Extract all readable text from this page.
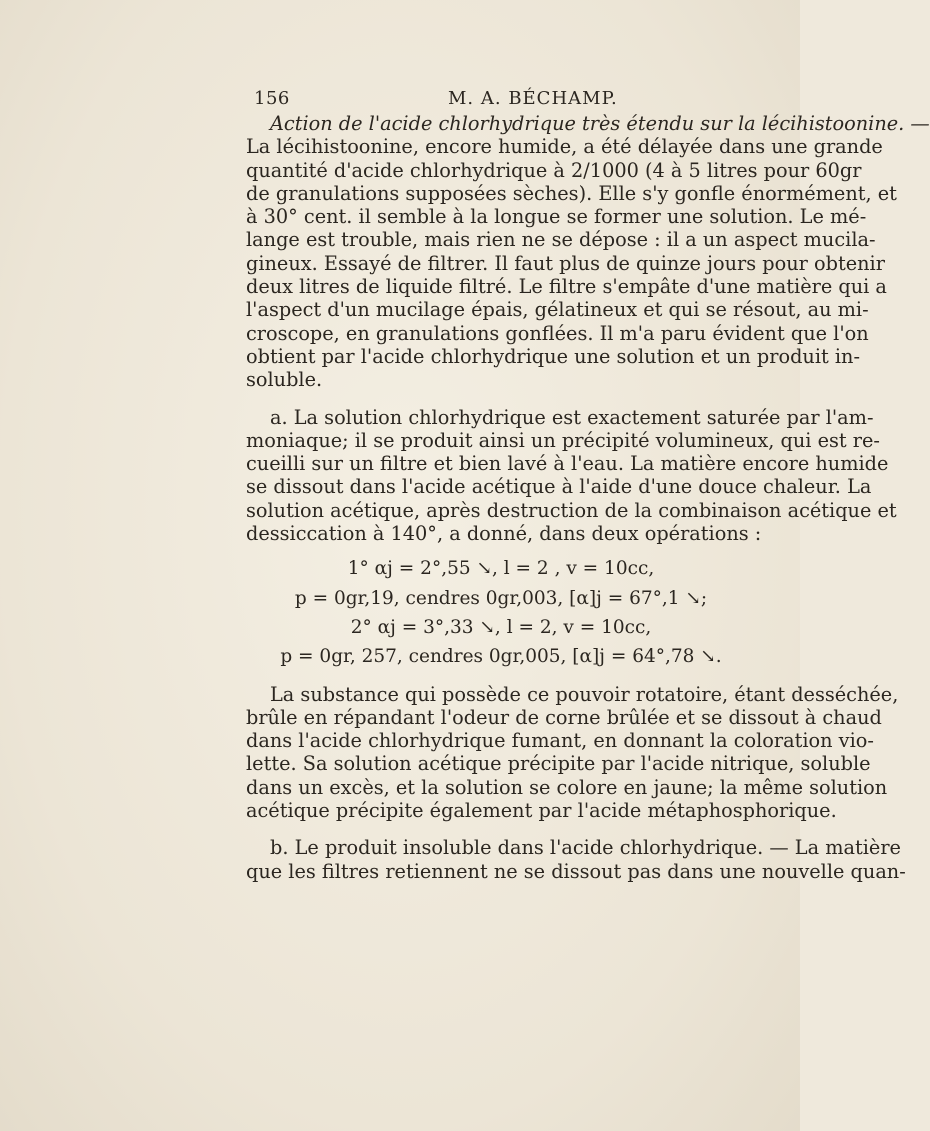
156	M. A. BÉCHAMP.

Action de l'acide chlorhydrique très étendu sur la lécihistoonine. —
La lécihistoonine, encore humide, a été délayée dans une grande
quantité d'acide chlorhydrique à 2/1000 (4 à 5 litres pour 60gr
de granulations supposées sèches). Elle s'y gonfle énormément, et
à 30° cent. il semble à la longue se former une solution. Le mé-
lange est trouble, mais rien ne se dépose : il a un aspect mucila-
gineux. Essayé de filtrer. Il faut plus de quinze jours pour obtenir
deux litres de liquide filtré. Le filtre s'empâte d'une matière qui a
l'aspect d'un mucilage épais, gélatineux et qui se résout, au mi-
croscope, en granulations gonflées. Il m'a paru évident que l'on
obtient par l'acide chlorhydrique une solution et un produit in-
soluble.

a. La solution chlorhydrique est exactement saturée par l'am-
moniaque; il se produit ainsi un précipité volumineux, qui est re-
cueilli sur un filtre et bien lavé à l'eau. La matière encore humide
se dissout dans l'acide acétique à l'aide d'une douce chaleur. La
solution acétique, après destruction de la combinaison acétique et
dessiccation à 140°, a donné, dans deux opérations :

1° αj = 2°,55 ↘, l = 2 , v = 10cc,
p = 0gr,19, cendres 0gr,003, [α]j = 67°,1 ↘;
2° αj = 3°,33 ↘, l = 2, v = 10cc,
p = 0gr, 257, cendres 0gr,005, [α]j = 64°,78 ↘.

La substance qui possède ce pouvoir rotatoire, étant desséchée,
brûle en répandant l'odeur de corne brûlée et se dissout à chaud
dans l'acide chlorhydrique fumant, en donnant la coloration vio-
lette. Sa solution acétique précipite par l'acide nitrique, soluble
dans un excès, et la solution se colore en jaune; la même solution
acétique précipite également par l'acide métaphosphorique.

b. Le produit insoluble dans l'acide chlorhydrique. — La matière
que les filtres retiennent ne se dissout pas dans une nouvelle quan-
